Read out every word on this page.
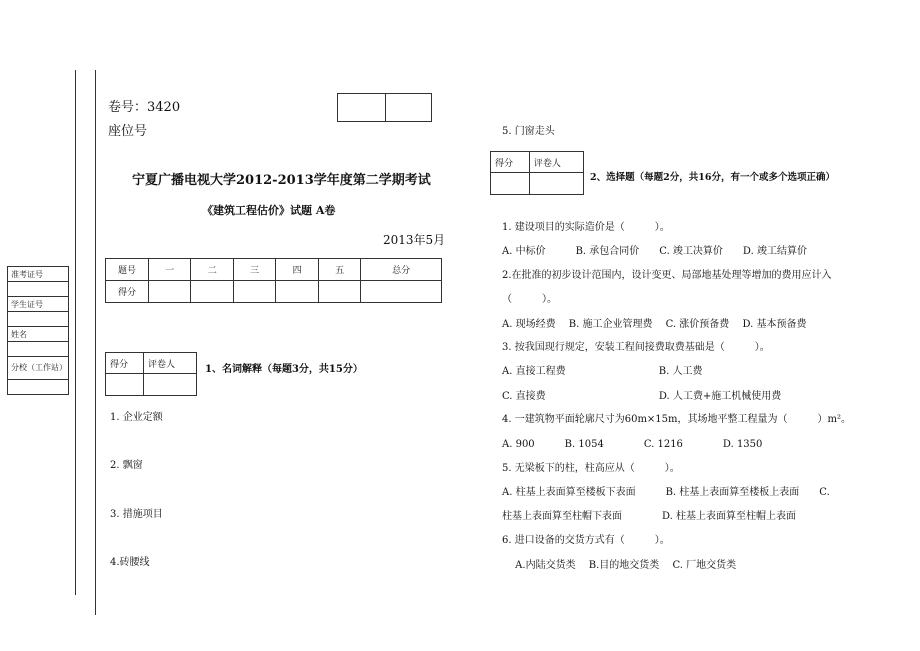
准考证号

学生证号

姓名

分校（工作站）

卷号：3420
座位号

宁夏广播电视大学2012-2013学年度第二学期考试
《建筑工程估价》试题 A卷
2013年5月
题号	一	二	三	四	五	总分
得分						
得分	评卷人
		1、名词解释（每题3分，共15分）
1. 企业定额
2. 飘窗
3. 措施项目
4.砖腰线
5. 门窗走头
得分	评卷人

2、选择题（每题2分，共16分，有一个或多个选项正确）
1. 建设项目的实际造价是（　　　）。
A. 中标价　　　B. 承包合同价　　C. 竣工决算价　　D. 竣工结算价
2.在批准的初步设计范围内，设计变更、局部地基处理等增加的费用应计入
（　　　）。
A. 现场经费　 B. 施工企业管理费　 C. 涨价预备费　 D. 基本预备费
3. 按我国现行规定，安装工程间接费取费基础是（　　　）。
A. 直接工程费　　　　　　　　　 B. 人工费
C. 直接费　　　　　　　　　　　 D. 人工费+施工机械使用费
4. 一建筑物平面轮廓尺寸为60m×15m，其场地平整工程量为（　　　）m²。
A. 900　　　B. 1054　　　　C. 1216　　　　D. 1350
5. 无梁板下的柱，柱高应从（　　　）。
A. 柱基上表面算至楼板下表面　　　B. 柱基上表面算至楼板上表面　　C.
柱基上表面算至柱帽下表面　　　　D. 柱基上表面算至柱帽上表面
6. 进口设备的交货方式有（　　　）。
　 A.内陆交货类　 B.目的地交货类　 C. 厂地交货类
